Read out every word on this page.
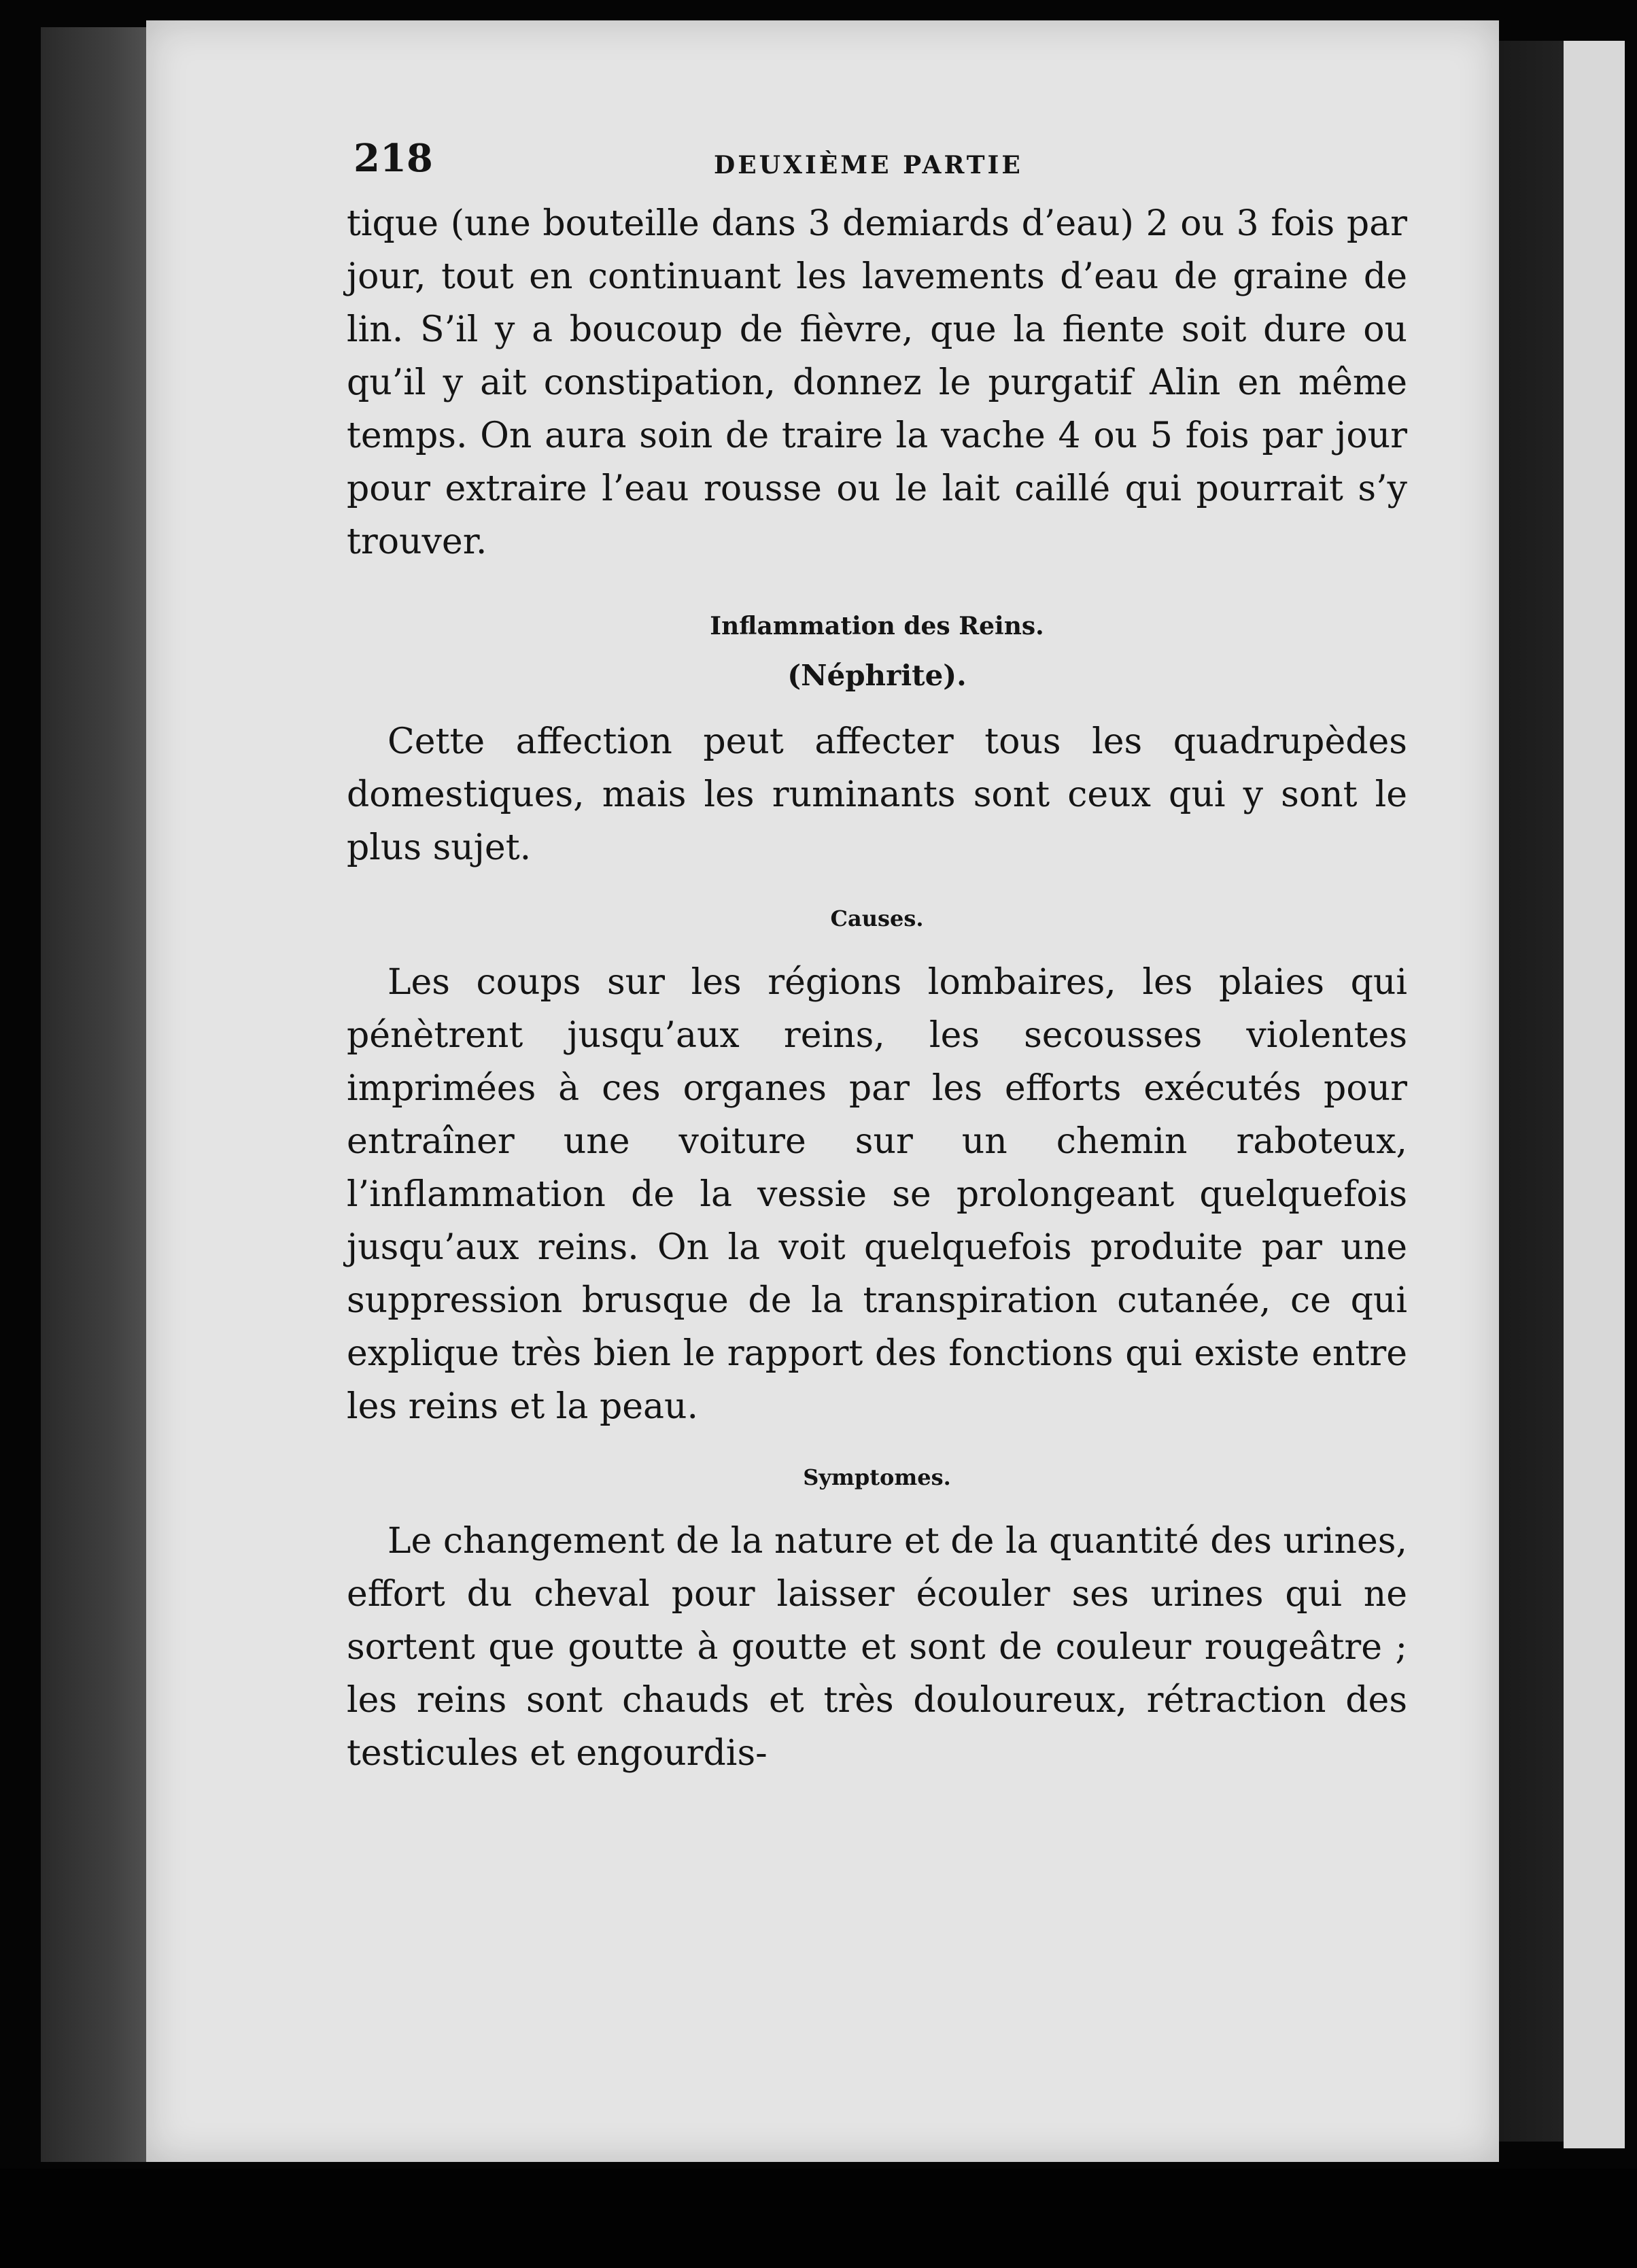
218	DEUXIÈME PARTIE

tique (une bouteille dans 3 demiards d’eau) 2 ou 3 fois par jour, tout en continuant les lavements d’eau de graine de lin. S’il y a boucoup de fièvre, que la fiente soit dure ou qu’il y ait constipation, donnez le purgatif Alin en même temps. On aura soin de traire la vache 4 ou 5 fois par jour pour extraire l’eau rousse ou le lait caillé qui pourrait s’y trouver.

Inflammation des Reins.
(Néphrite).

Cette affection peut affecter tous les quadrupèdes domestiques, mais les ruminants sont ceux qui y sont le plus sujet.

Causes.

Les coups sur les régions lombaires, les plaies qui pénètrent jusqu’aux reins, les secousses violentes imprimées à ces organes par les efforts exécutés pour entraîner une voiture sur un chemin raboteux, l’inflammation de la vessie se prolongeant quelquefois jusqu’aux reins. On la voit quelquefois produite par une suppression brusque de la transpiration cutanée, ce qui explique très bien le rapport des fonctions qui existe entre les reins et la peau.

Symptomes.

Le changement de la nature et de la quantité des urines, effort du cheval pour laisser écouler ses urines qui ne sortent que goutte à goutte et sont de couleur rougeâtre ; les reins sont chauds et très douloureux, rétraction des testicules et engourdis-
